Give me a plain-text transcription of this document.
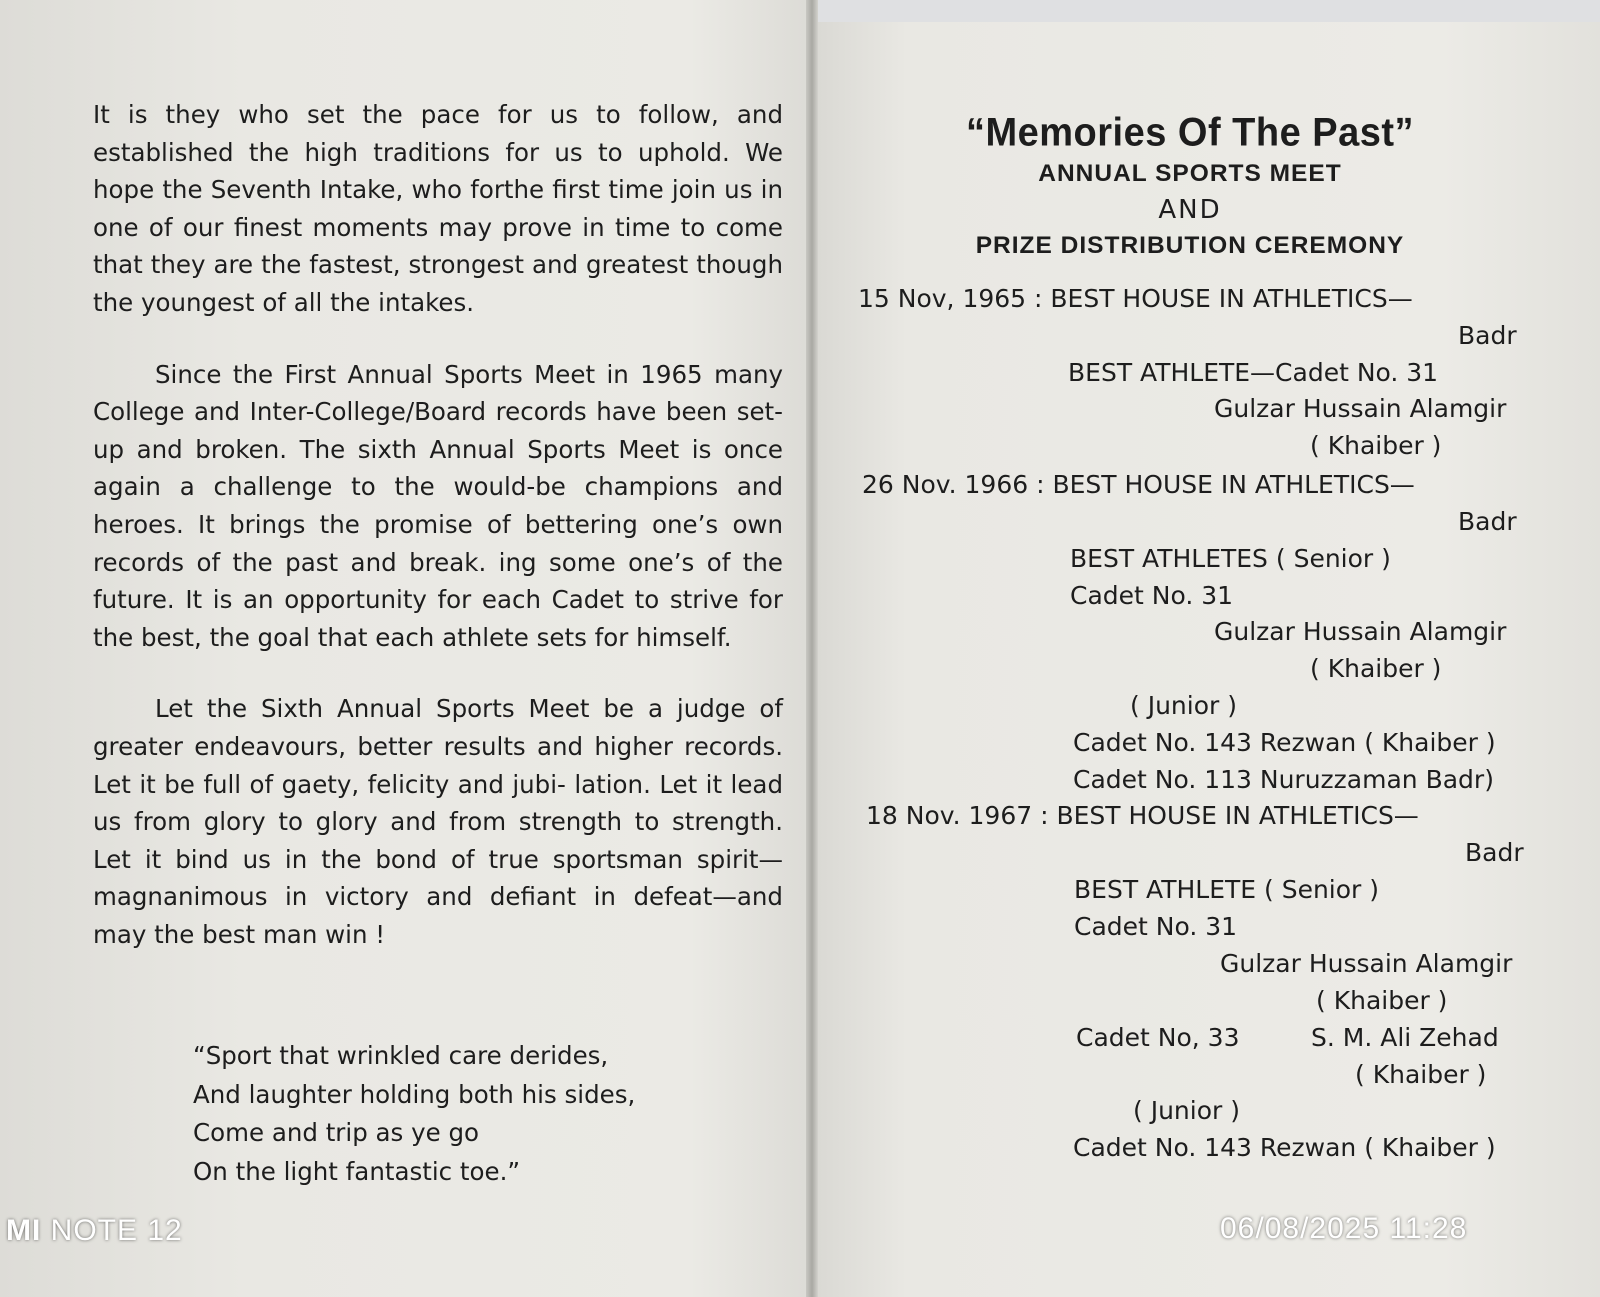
It is they who set the pace for us to follow, and established the high traditions for us to uphold. We hope the Seventh Intake, who forthe first time join us in one of our finest moments may prove in time to come that they are the fastest, strongest and greatest though the youngest of all the intakes.

Since the First Annual Sports Meet in 1965 many College and Inter-College/Board records have been set-up and broken. The sixth Annual Sports Meet is once again a challenge to the would-be champions and heroes. It brings the promise of bettering one’s own records of the past and break. ing some one’s of the future. It is an opportunity for each Cadet to strive for the best, the goal that each athlete sets for himself.

Let the Sixth Annual Sports Meet be a judge of greater endeavours, better results and higher records. Let it be full of gaety, felicity and jubi- lation. Let it lead us from glory to glory and from strength to strength. Let it bind us in the bond of true sportsman spirit—magnanimous in victory and defiant in defeat—and may the best man win !

“Sport that wrinkled care derides,
And laughter holding both his sides,
Come and trip as ye go
On the light fantastic toe.”
“Memories Of The Past”
ANNUAL SPORTS MEET
AND
PRIZE DISTRIBUTION CEREMONY
15 Nov, 1965 : BEST HOUSE IN ATHLETICS—
Badr
BEST ATHLETE—Cadet No. 31
Gulzar Hussain Alamgir
( Khaiber )
26 Nov. 1966 : BEST HOUSE IN ATHLETICS—
Badr
BEST ATHLETES ( Senior )
Cadet No. 31
Gulzar Hussain Alamgir
( Khaiber )
( Junior )
Cadet No. 143 Rezwan ( Khaiber )
Cadet No. 113 Nuruzzaman Badr)
18 Nov. 1967 : BEST HOUSE IN ATHLETICS—
Badr
BEST ATHLETE ( Senior )
Cadet No. 31
Gulzar Hussain Alamgir
( Khaiber )
Cadet No, 33	S. M. Ali Zehad
( Khaiber )
( Junior )
Cadet No. 143 Rezwan ( Khaiber )
MI NOTE 12	06/08/2025 11:28
